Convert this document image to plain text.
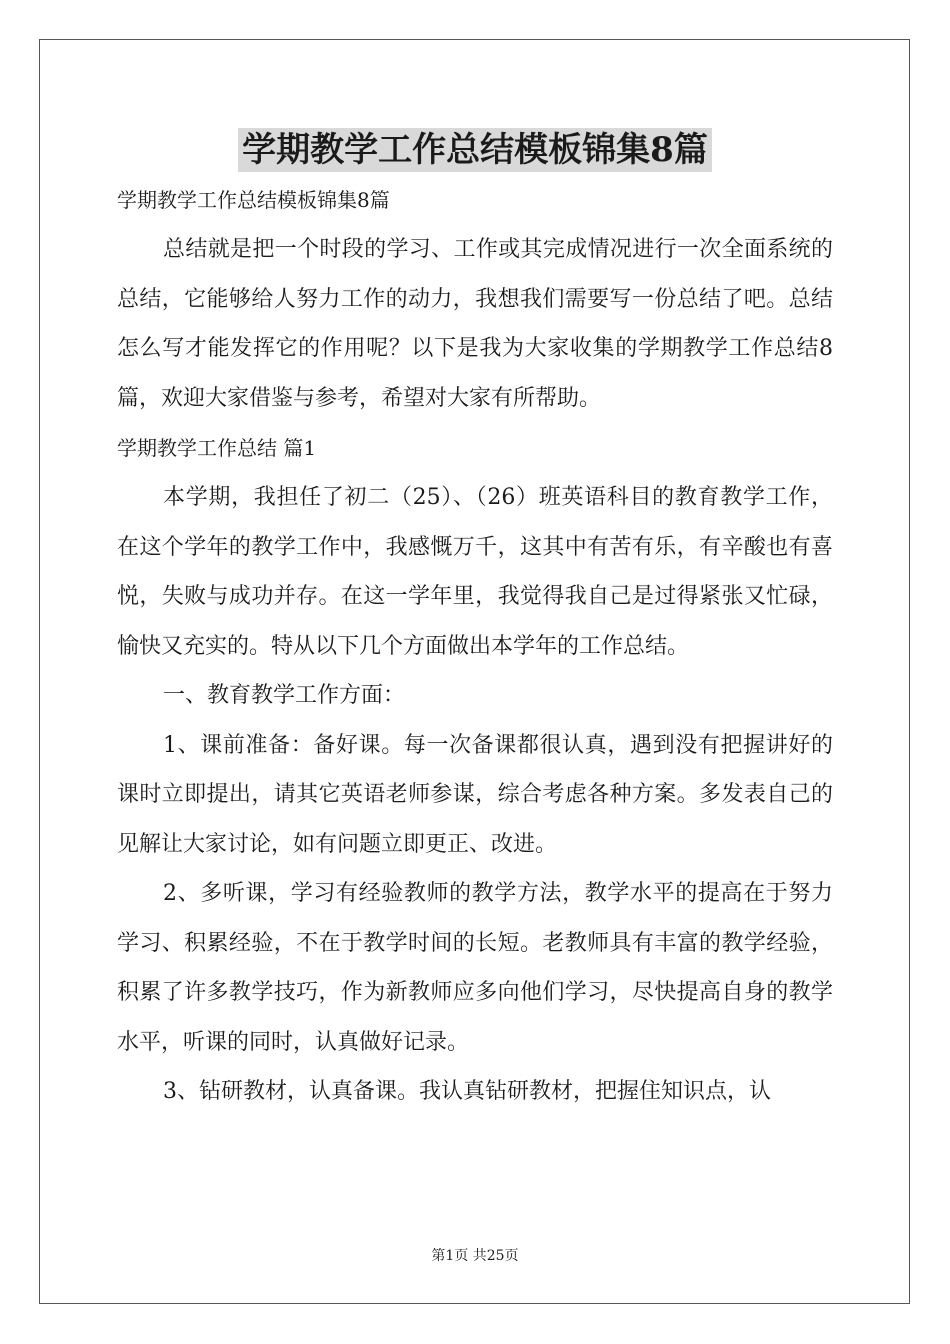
学期教学工作总结模板锦集8篇

学期教学工作总结模板锦集8篇

总结就是把一个时段的学习、工作或其完成情况进行一次全面系统的总结，它能够给人努力工作的动力，我想我们需要写一份总结了吧。总结怎么写才能发挥它的作用呢？以下是我为大家收集的学期教学工作总结8篇，欢迎大家借鉴与参考，希望对大家有所帮助。

学期教学工作总结 篇1

本学期，我担任了初二（25）、（26）班英语科目的教育教学工作，在这个学年的教学工作中，我感慨万千，这其中有苦有乐，有辛酸也有喜悦，失败与成功并存。在这一学年里，我觉得我自己是过得紧张又忙碌，愉快又充实的。特从以下几个方面做出本学年的工作总结。

一、教育教学工作方面：

1、课前准备：备好课。每一次备课都很认真，遇到没有把握讲好的课时立即提出，请其它英语老师参谋，综合考虑各种方案。多发表自己的见解让大家讨论，如有问题立即更正、改进。

2、多听课，学习有经验教师的教学方法，教学水平的提高在于努力学习、积累经验，不在于教学时间的长短。老教师具有丰富的教学经验，积累了许多教学技巧，作为新教师应多向他们学习，尽快提高自身的教学水平，听课的同时，认真做好记录。

3、钻研教材，认真备课。我认真钻研教材，把握住知识点，认

第1页 共25页
